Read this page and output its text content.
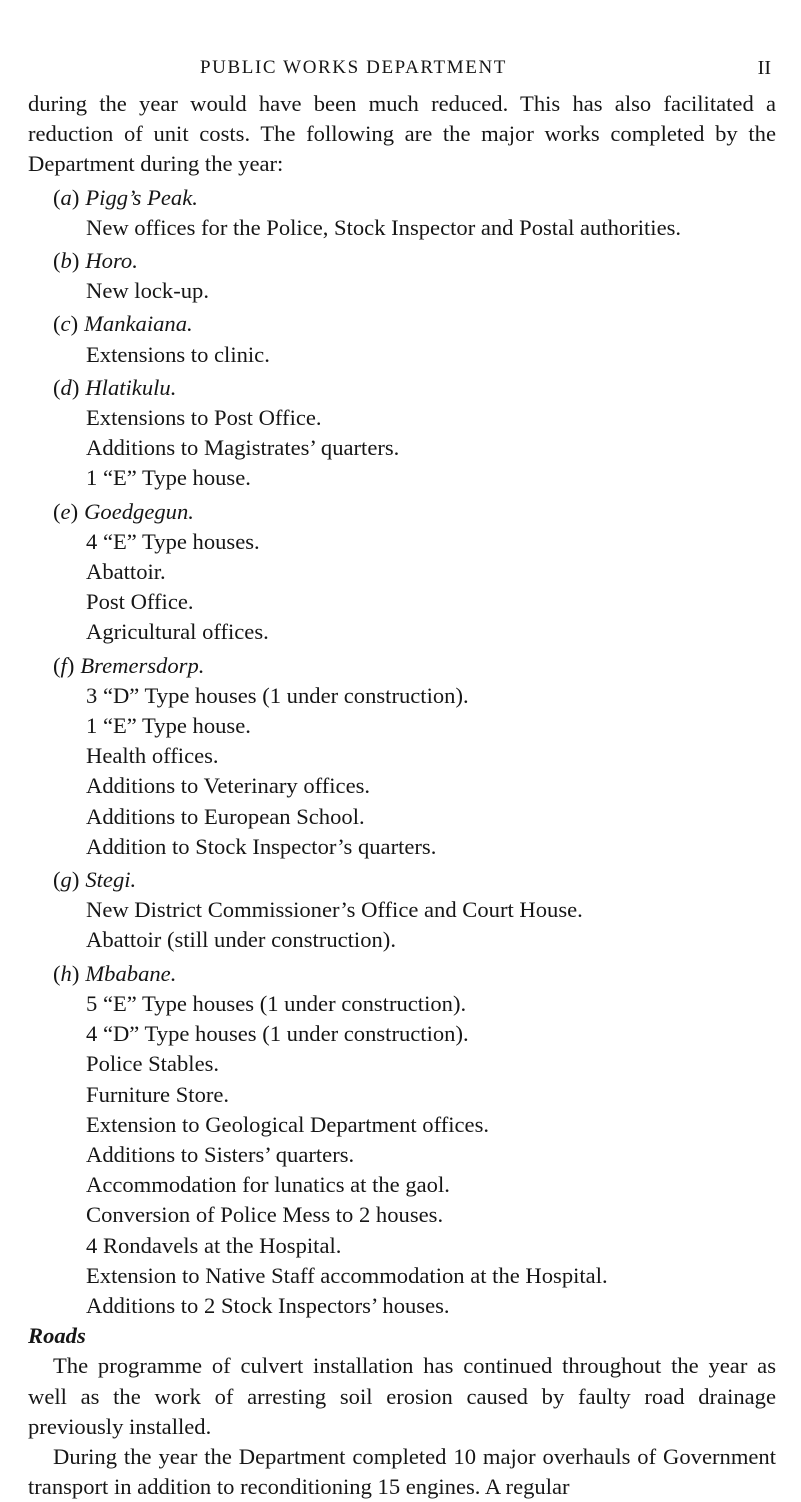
PUBLIC WORKS DEPARTMENT	II

during the year would have been much reduced. This has also facilitated a reduction of unit costs. The following are the major works completed by the Department during the year:

(a) Pigg’s Peak.

New offices for the Police, Stock Inspector and Postal authorities.

(b) Horo.

New lock-up.

(c) Mankaiana.

Extensions to clinic.

(d) Hlatikulu.

Extensions to Post Office.

Additions to Magistrates’ quarters.

1 “E” Type house.

(e) Goedgegun.

4 “E” Type houses.

Abattoir.

Post Office.

Agricultural offices.

(f) Bremersdorp.

3 “D” Type houses (1 under construction).

1 “E” Type house.

Health offices.

Additions to Veterinary offices.

Additions to European School.

Addition to Stock Inspector’s quarters.

(g) Stegi.

New District Commissioner’s Office and Court House.

Abattoir (still under construction).

(h) Mbabane.

5 “E” Type houses (1 under construction).

4 “D” Type houses (1 under construction).

Police Stables.

Furniture Store.

Extension to Geological Department offices.

Additions to Sisters’ quarters.

Accommodation for lunatics at the gaol.

Conversion of Police Mess to 2 houses.

4 Rondavels at the Hospital.

Extension to Native Staff accommodation at the Hospital.

Additions to 2 Stock Inspectors’ houses.

Roads

The programme of culvert installation has continued throughout the year as well as the work of arresting soil erosion caused by faulty road drainage previously installed.

During the year the Department completed 10 major overhauls of Government transport in addition to reconditioning 15 engines. A regular
